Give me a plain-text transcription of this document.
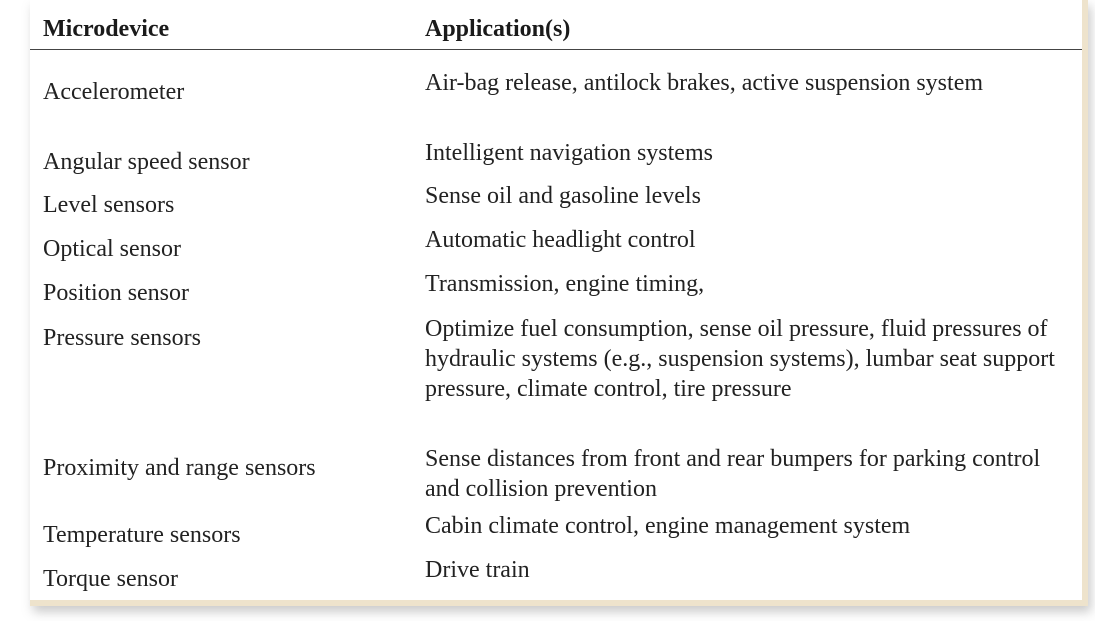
Microdevice	Application(s)
Accelerometer	Air-bag release, antilock brakes, active suspension system
Angular speed sensor	Intelligent navigation systems
Level sensors	Sense oil and gasoline levels
Optical sensor	Automatic headlight control
Position sensor	Transmission, engine timing,
Pressure sensors	Optimize fuel consumption, sense oil pressure, fluid pressures of hydraulic systems (e.g., suspension systems), lumbar seat support pressure, climate control, tire pressure
Proximity and range sensors	Sense distances from front and rear bumpers for parking control and collision prevention
Temperature sensors	Cabin climate control, engine management system
Torque sensor	Drive train
